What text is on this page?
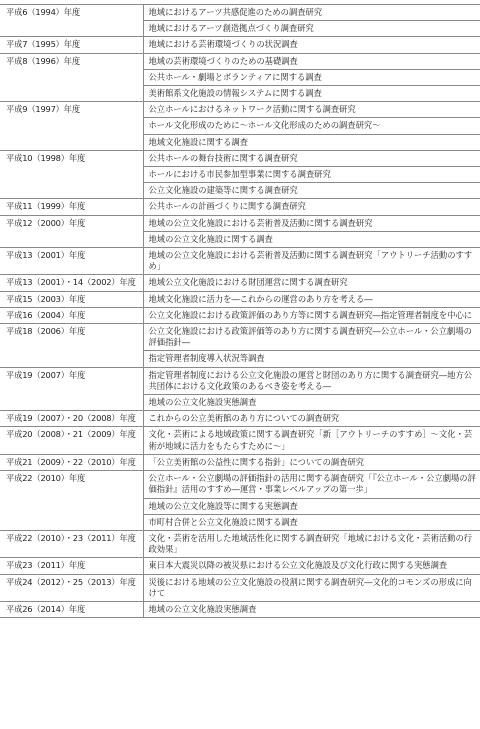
平成6（1994）年度	地域におけるアーツ共感促進のための調査研究
	地域におけるアーツ創造拠点づくり調査研究
平成7（1995）年度	地域における芸術環境づくりの状況調査
平成8（1996）年度	地域の芸術環境づくりのための基礎調査
	公共ホール・劇場とボランティアに関する調査
	美術館系文化施設の情報システムに関する調査
平成9（1997）年度	公立ホールにおけるネットワーク活動に関する調査研究
	ホール文化形成のために〜ホール文化形成のための調査研究〜
	地域文化施設に関する調査
平成10（1998）年度	公共ホールの舞台技術に関する調査研究
	ホールにおける市民参加型事業に関する調査研究
	公立文化施設の建築等に関する調査研究
平成11（1999）年度	公共ホールの計画づくりに関する調査研究
平成12（2000）年度	地域の公立文化施設における芸術普及活動に関する調査研究
	地域の公立文化施設に関する調査
平成13（2001）年度	地域の公立文化施設における芸術普及活動に関する調査研究「アウトリーチ活動のすすめ」
平成13（2001）・14（2002）年度	地域公立文化施設における財団運営に関する調査研究
平成15（2003）年度	地域文化施設に活力を―これからの運営のあり方を考える―
平成16（2004）年度	公立文化施設における政策評価のあり方等に関する調査研究―指定管理者制度を中心に
平成18（2006）年度	公立文化施設における政策評価等のあり方に関する調査研究―公立ホール・公立劇場の評価指針―
	指定管理者制度導入状況等調査
平成19（2007）年度	指定管理者制度における公立文化施設の運営と財団のあり方に関する調査研究―地方公共団体における文化政策のあるべき姿を考える―
	地域の公立文化施設実態調査
平成19（2007）・20（2008）年度	これからの公立美術館のあり方についての調査研究
平成20（2008）・21（2009）年度	文化・芸術による地域政策に関する調査研究「新［アウトリーチのすすめ］〜文化・芸術が地域に活力をもたらすために〜」
平成21（2009）・22（2010）年度	「公立美術館の公益性に関する指針」についての調査研究
平成22（2010）年度	公立ホール・公立劇場の評価指針の活用に関する調査研究「『公立ホール・公立劇場の評価指針』活用のすすめ―運営・事業レベルアップの第一歩」
	地域の公立文化施設等に関する実態調査
	市町村合併と公立文化施設に関する調査
平成22（2010）・23（2011）年度	文化・芸術を活用した地域活性化に関する調査研究「地域における文化・芸術活動の行政効果」
平成23（2011）年度	東日本大震災以降の被災県における公立文化施設及び文化行政に関する実態調査
平成24（2012）・25（2013）年度	災後における地域の公立文化施設の役割に関する調査研究―文化的コモンズの形成に向けて
平成26（2014）年度	地域の公立文化施設実態調査
